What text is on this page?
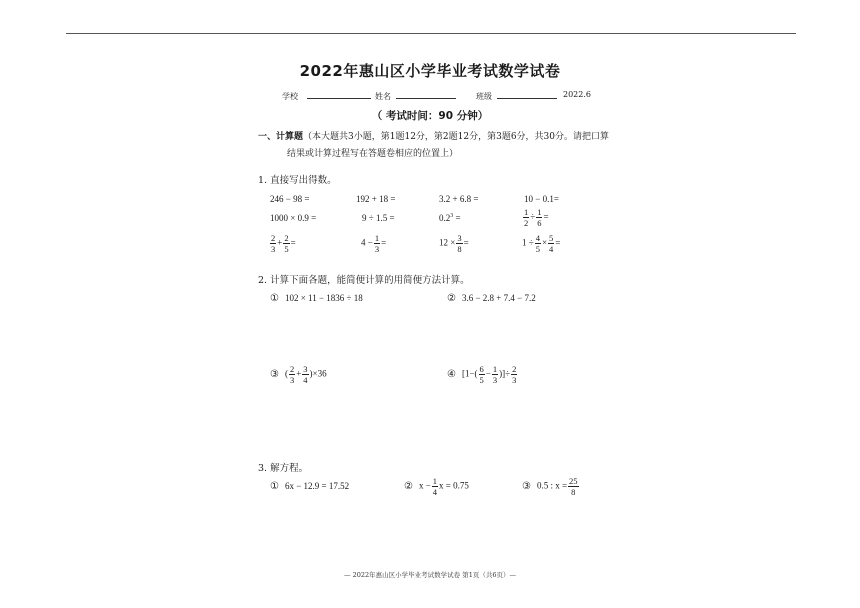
2022年惠山区小学毕业考试数学试卷
学校	姓名	班级	2022.6
（ 考试时间：90 分钟）
一、计算题（本大题共3小题，第1题12分，第2题12分，第3题6分，共30分。请把口算
结果或计算过程写在答题卷相应的位置上）
1. 直接写出得数。
246 − 98 =	192 + 18 =	3.2 + 6.8 =	10 − 0.1=
1000 × 0.9 =	9 ÷ 1.5 =	$0.2^3$ =	$\frac{1}{2} \div \frac{1}{6}$ =
$\frac{2}{3} + \frac{2}{5}$ =	$4 - \frac{1}{3}$ =	$12 \times \frac{3}{8}$ =	$1 \div \frac{4}{5} \times \frac{5}{4}$ =
2. 计算下面各题，能简便计算的用简便方法计算。
① 102 × 11 − 1836 ÷ 18	② 3.6 − 2.8 + 7.4 − 7.2
③ ( $\frac{2}{3} + \frac{3}{4} )\times 36$	④ [$1-( \frac{6}{5} - \frac{1}{3}$ )]÷ $\frac{2}{3}$
3. 解方程。
① 6x − 12.9 = 17.52	② $x - \frac{1}{4}$ x = 0.75	③ 0.5 : $x = \frac{25}{8}$
— 2022年惠山区小学毕业考试数学试卷 第1页（共6页）—
